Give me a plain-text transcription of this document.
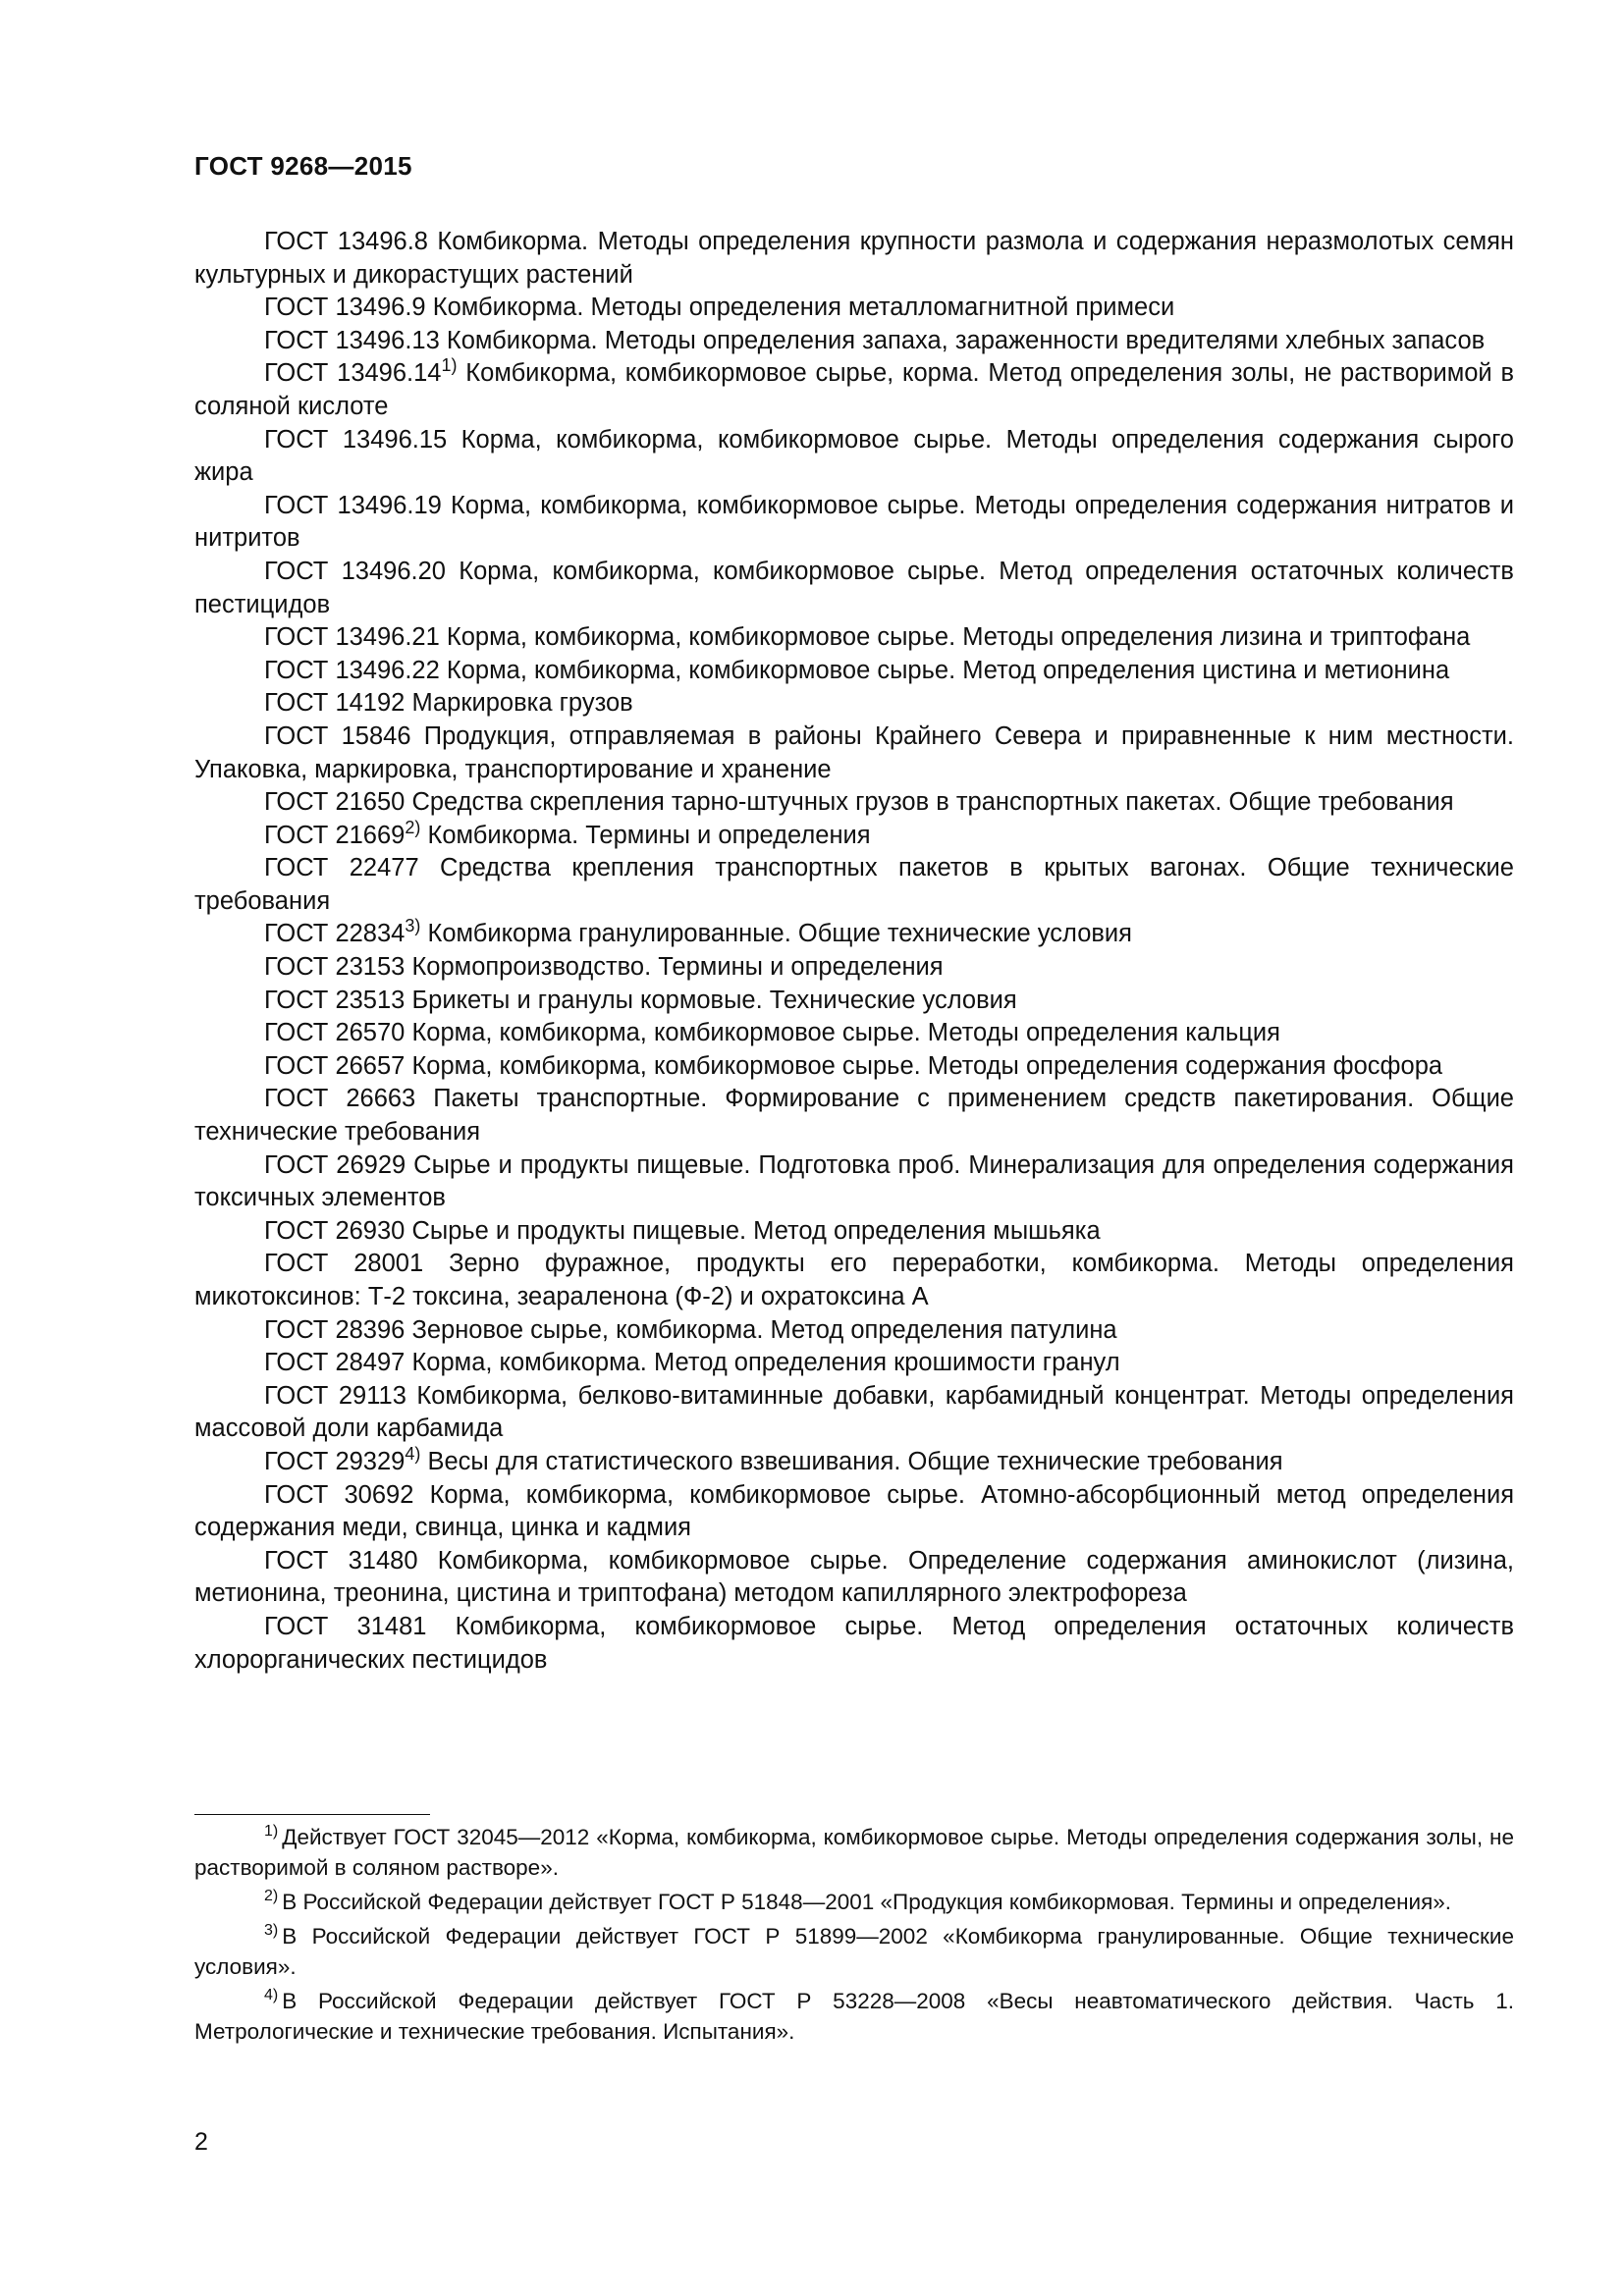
ГОСТ 9268—2015

ГОСТ 13496.8 Комбикорма. Методы определения крупности размола и содержания неразмолотых семян культурных и дикорастущих растений

ГОСТ 13496.9 Комбикорма. Методы определения металломагнитной примеси

ГОСТ 13496.13 Комбикорма. Методы определения запаха, зараженности вредителями хлебных запасов

ГОСТ 13496.14$^{1)}$ Комбикорма, комбикормовое сырье, корма. Метод определения золы, не растворимой в соляной кислоте

ГОСТ 13496.15 Корма, комбикорма, комбикормовое сырье. Методы определения содержания сырого жира

ГОСТ 13496.19 Корма, комбикорма, комбикормовое сырье. Методы определения содержания нитратов и нитритов

ГОСТ 13496.20 Корма, комбикорма, комбикормовое сырье. Метод определения остаточных количеств пестицидов

ГОСТ 13496.21 Корма, комбикорма, комбикормовое сырье. Методы определения лизина и триптофана

ГОСТ 13496.22 Корма, комбикорма, комбикормовое сырье. Метод определения цистина и метионина

ГОСТ 14192 Маркировка грузов

ГОСТ 15846 Продукция, отправляемая в районы Крайнего Севера и приравненные к ним местности. Упаковка, маркировка, транспортирование и хранение

ГОСТ 21650 Средства скрепления тарно-штучных грузов в транспортных пакетах. Общие требования

ГОСТ 21669$^{2)}$ Комбикорма. Термины и определения

ГОСТ 22477 Средства крепления транспортных пакетов в крытых вагонах. Общие технические требования

ГОСТ 22834$^{3)}$ Комбикорма гранулированные. Общие технические условия

ГОСТ 23153 Кормопроизводство. Термины и определения

ГОСТ 23513 Брикеты и гранулы кормовые. Технические условия

ГОСТ 26570 Корма, комбикорма, комбикормовое сырье. Методы определения кальция

ГОСТ 26657 Корма, комбикорма, комбикормовое сырье. Методы определения содержания фосфора

ГОСТ 26663 Пакеты транспортные. Формирование с применением средств пакетирования. Общие технические требования

ГОСТ 26929 Сырье и продукты пищевые. Подготовка проб. Минерализация для определения содержания токсичных элементов

ГОСТ 26930 Сырье и продукты пищевые. Метод определения мышьяка

ГОСТ 28001 Зерно фуражное, продукты его переработки, комбикорма. Методы определения микотоксинов: Т-2 токсина, зеараленона (Ф-2) и охратоксина А

ГОСТ 28396 Зерновое сырье, комбикорма. Метод определения патулина

ГОСТ 28497 Корма, комбикорма. Метод определения крошимости гранул

ГОСТ 29113 Комбикорма, белково-витаминные добавки, карбамидный концентрат. Методы определения массовой доли карбамида

ГОСТ 29329$^{4)}$ Весы для статистического взвешивания. Общие технические требования

ГОСТ 30692 Корма, комбикорма, комбикормовое сырье. Атомно-абсорбционный метод определения содержания меди, свинца, цинка и кадмия

ГОСТ 31480 Комбикорма, комбикормовое сырье. Определение содержания аминокислот (лизина, метионина, треонина, цистина и триптофана) методом капиллярного электрофореза

ГОСТ 31481 Комбикорма, комбикормовое сырье. Метод определения остаточных количеств хлорорганических пестицидов

$^{1)}$ Действует ГОСТ 32045—2012 «Корма, комбикорма, комбикормовое сырье. Методы определения содержания золы, не растворимой в соляном растворе».

$^{2)}$ В Российской Федерации действует ГОСТ Р 51848—2001 «Продукция комбикормовая. Термины и определения».

$^{3)}$ В Российской Федерации действует ГОСТ Р 51899—2002 «Комбикорма гранулированные. Общие технические условия».

$^{4)}$ В Российской Федерации действует ГОСТ Р 53228—2008 «Весы неавтоматического действия. Часть 1. Метрологические и технические требования. Испытания».

2
